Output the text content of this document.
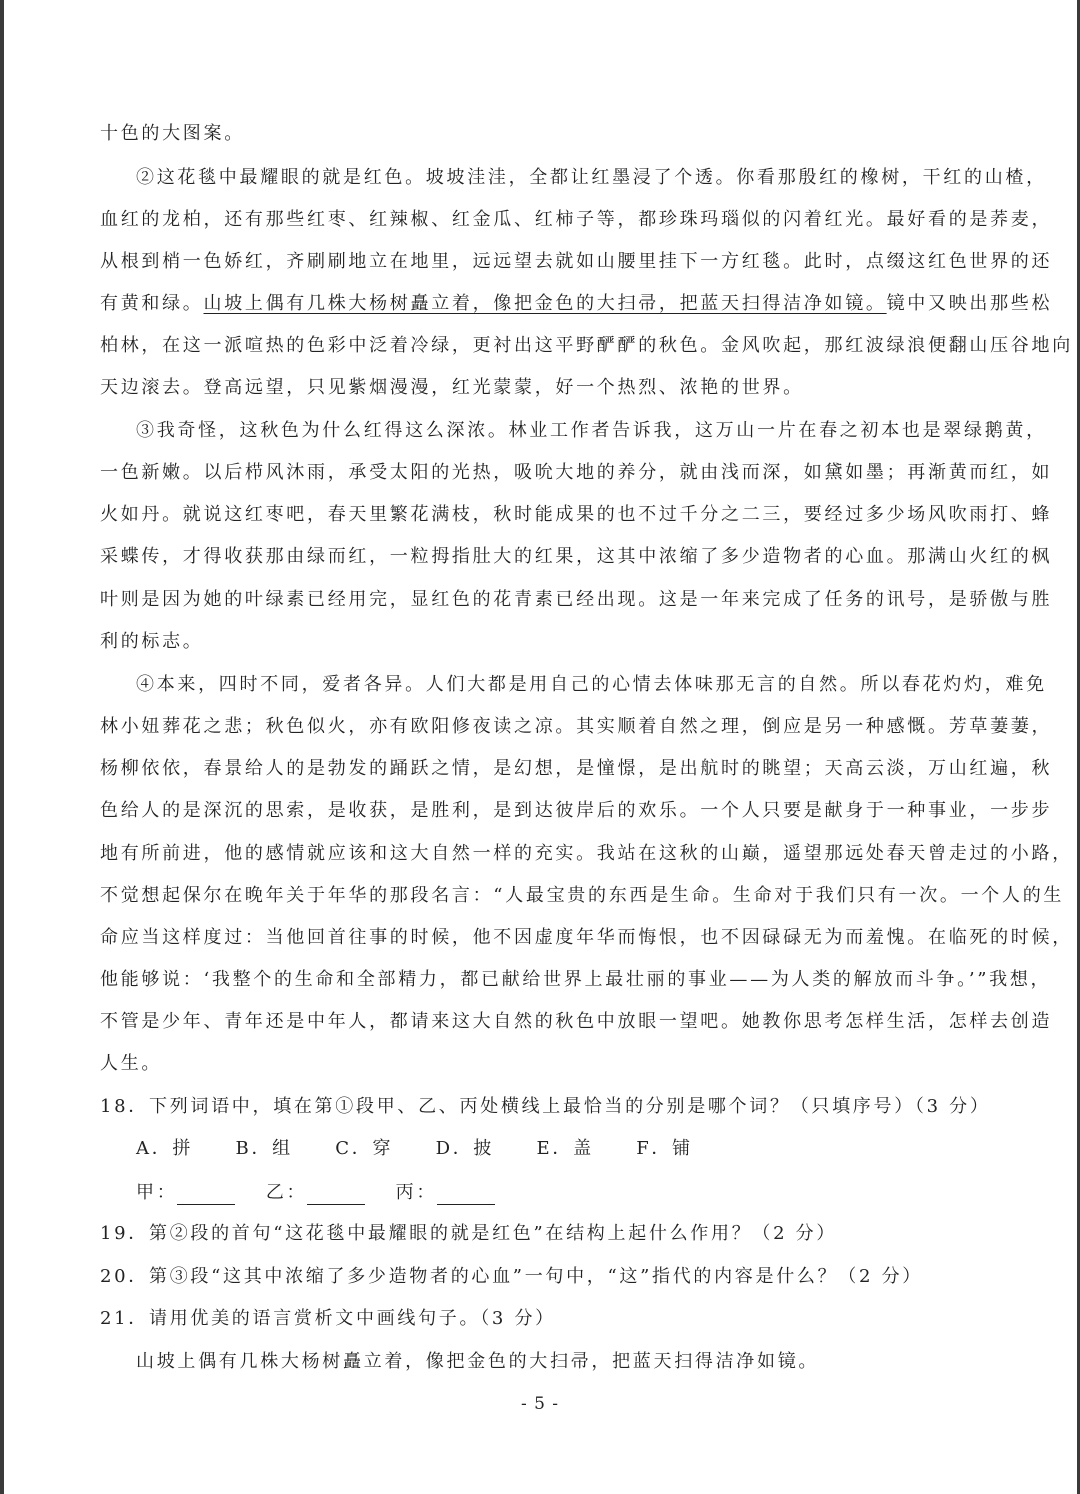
十色的大图案。
②这花毯中最耀眼的就是红色。坡坡洼洼，全都让红墨浸了个透。你看那殷红的橡树，干红的山楂，
血红的龙柏，还有那些红枣、红辣椒、红金瓜、红柿子等，都珍珠玛瑙似的闪着红光。最好看的是荞麦，
从根到梢一色娇红，齐刷刷地立在地里，远远望去就如山腰里挂下一方红毯。此时，点缀这红色世界的还
有黄和绿。山坡上偶有几株大杨树矗立着，像把金色的大扫帚，把蓝天扫得洁净如镜。镜中又映出那些松
柏林，在这一派喧热的色彩中泛着冷绿，更衬出这平野酽酽的秋色。金风吹起，那红波绿浪便翻山压谷地向
天边滚去。登高远望，只见紫烟漫漫，红光蒙蒙，好一个热烈、浓艳的世界。
③我奇怪，这秋色为什么红得这么深浓。林业工作者告诉我，这万山一片在春之初本也是翠绿鹅黄，
一色新嫩。以后栉风沐雨，承受太阳的光热，吸吮大地的养分，就由浅而深，如黛如墨；再渐黄而红，如
火如丹。就说这红枣吧，春天里繁花满枝，秋时能成果的也不过千分之二三，要经过多少场风吹雨打、蜂
采蝶传，才得收获那由绿而红，一粒拇指肚大的红果，这其中浓缩了多少造物者的心血。那满山火红的枫
叶则是因为她的叶绿素已经用完，显红色的花青素已经出现。这是一年来完成了任务的讯号，是骄傲与胜
利的标志。
④本来，四时不同，爱者各异。人们大都是用自己的心情去体味那无言的自然。所以春花灼灼，难免
林小妞葬花之悲；秋色似火，亦有欧阳修夜读之凉。其实顺着自然之理，倒应是另一种感慨。芳草萋萋，
杨柳依依，春景给人的是勃发的踊跃之情，是幻想，是憧憬，是出航时的眺望；天高云淡，万山红遍，秋
色给人的是深沉的思索，是收获，是胜利，是到达彼岸后的欢乐。一个人只要是献身于一种事业，一步步
地有所前进，他的感情就应该和这大自然一样的充实。我站在这秋的山巅，遥望那远处春天曾走过的小路，
不觉想起保尔在晚年关于年华的那段名言：“人最宝贵的东西是生命。生命对于我们只有一次。一个人的生
命应当这样度过：当他回首往事的时候，他不因虚度年华而悔恨，也不因碌碌无为而羞愧。在临死的时候，
他能够说：‘我整个的生命和全部精力，都已献给世界上最壮丽的事业——为人类的解放而斗争。’”我想，
不管是少年、青年还是中年人，都请来这大自然的秋色中放眼一望吧。她教你思考怎样生活，怎样去创造
人生。
18．下列词语中，填在第①段甲、乙、丙处横线上最恰当的分别是哪个词？（只填序号）（3 分）
A．拼 B．组 C．穿 D．披 E．盖 F．铺
甲：	乙：	丙：
19．第②段的首句“这花毯中最耀眼的就是红色”在结构上起什么作用？（2 分）
20．第③段“这其中浓缩了多少造物者的心血”一句中，“这”指代的内容是什么？（2 分）
21．请用优美的语言赏析文中画线句子。（3 分）
山坡上偶有几株大杨树矗立着，像把金色的大扫帚，把蓝天扫得洁净如镜。
- 5 -
